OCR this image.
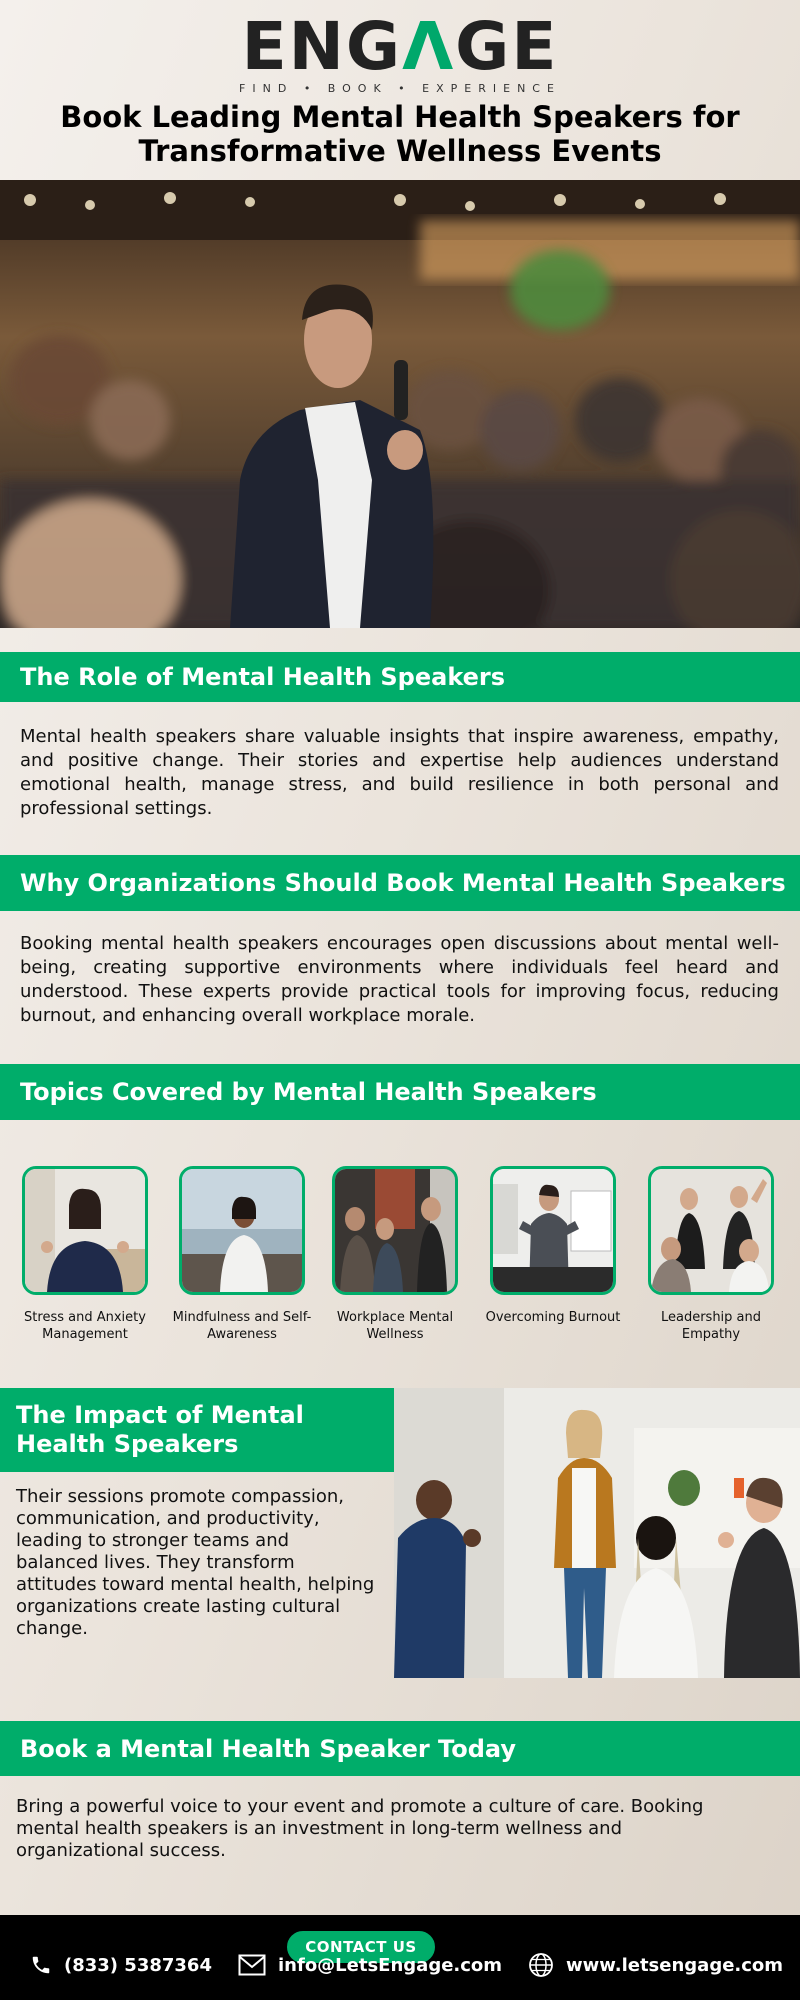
ENGΛGE
FIND • BOOK • EXPERIENCE
Book Leading Mental Health Speakers for Transformative Wellness Events
The Role of Mental Health Speakers

Mental health speakers share valuable insights that inspire awareness, empathy, and positive change. Their stories and expertise help audiences understand emotional health, manage stress, and build resilience in both personal and professional settings.

Why Organizations Should Book Mental Health Speakers

Booking mental health speakers encourages open discussions about mental well-being, creating supportive environments where individuals feel heard and understood. These experts provide practical tools for improving focus, reducing burnout, and enhancing overall workplace morale.

Topics Covered by Mental Health Speakers
Stress and Anxiety Management
Mindfulness and Self-Awareness
Workplace Mental Wellness
Overcoming Burnout	Leadership and Empathy
The Impact of Mental Health Speakers

Their sessions promote compassion, communication, and productivity, leading to stronger teams and balanced lives. They transform attitudes toward mental health, helping organizations create lasting cultural change.

Book a Mental Health Speaker Today

Bring a powerful voice to your event and promote a culture of care. Booking mental health speakers is an investment in long-term wellness and organizational success.

CONTACT US
(833) 5387364	info@LetsEngage.com	www.letsengage.com
